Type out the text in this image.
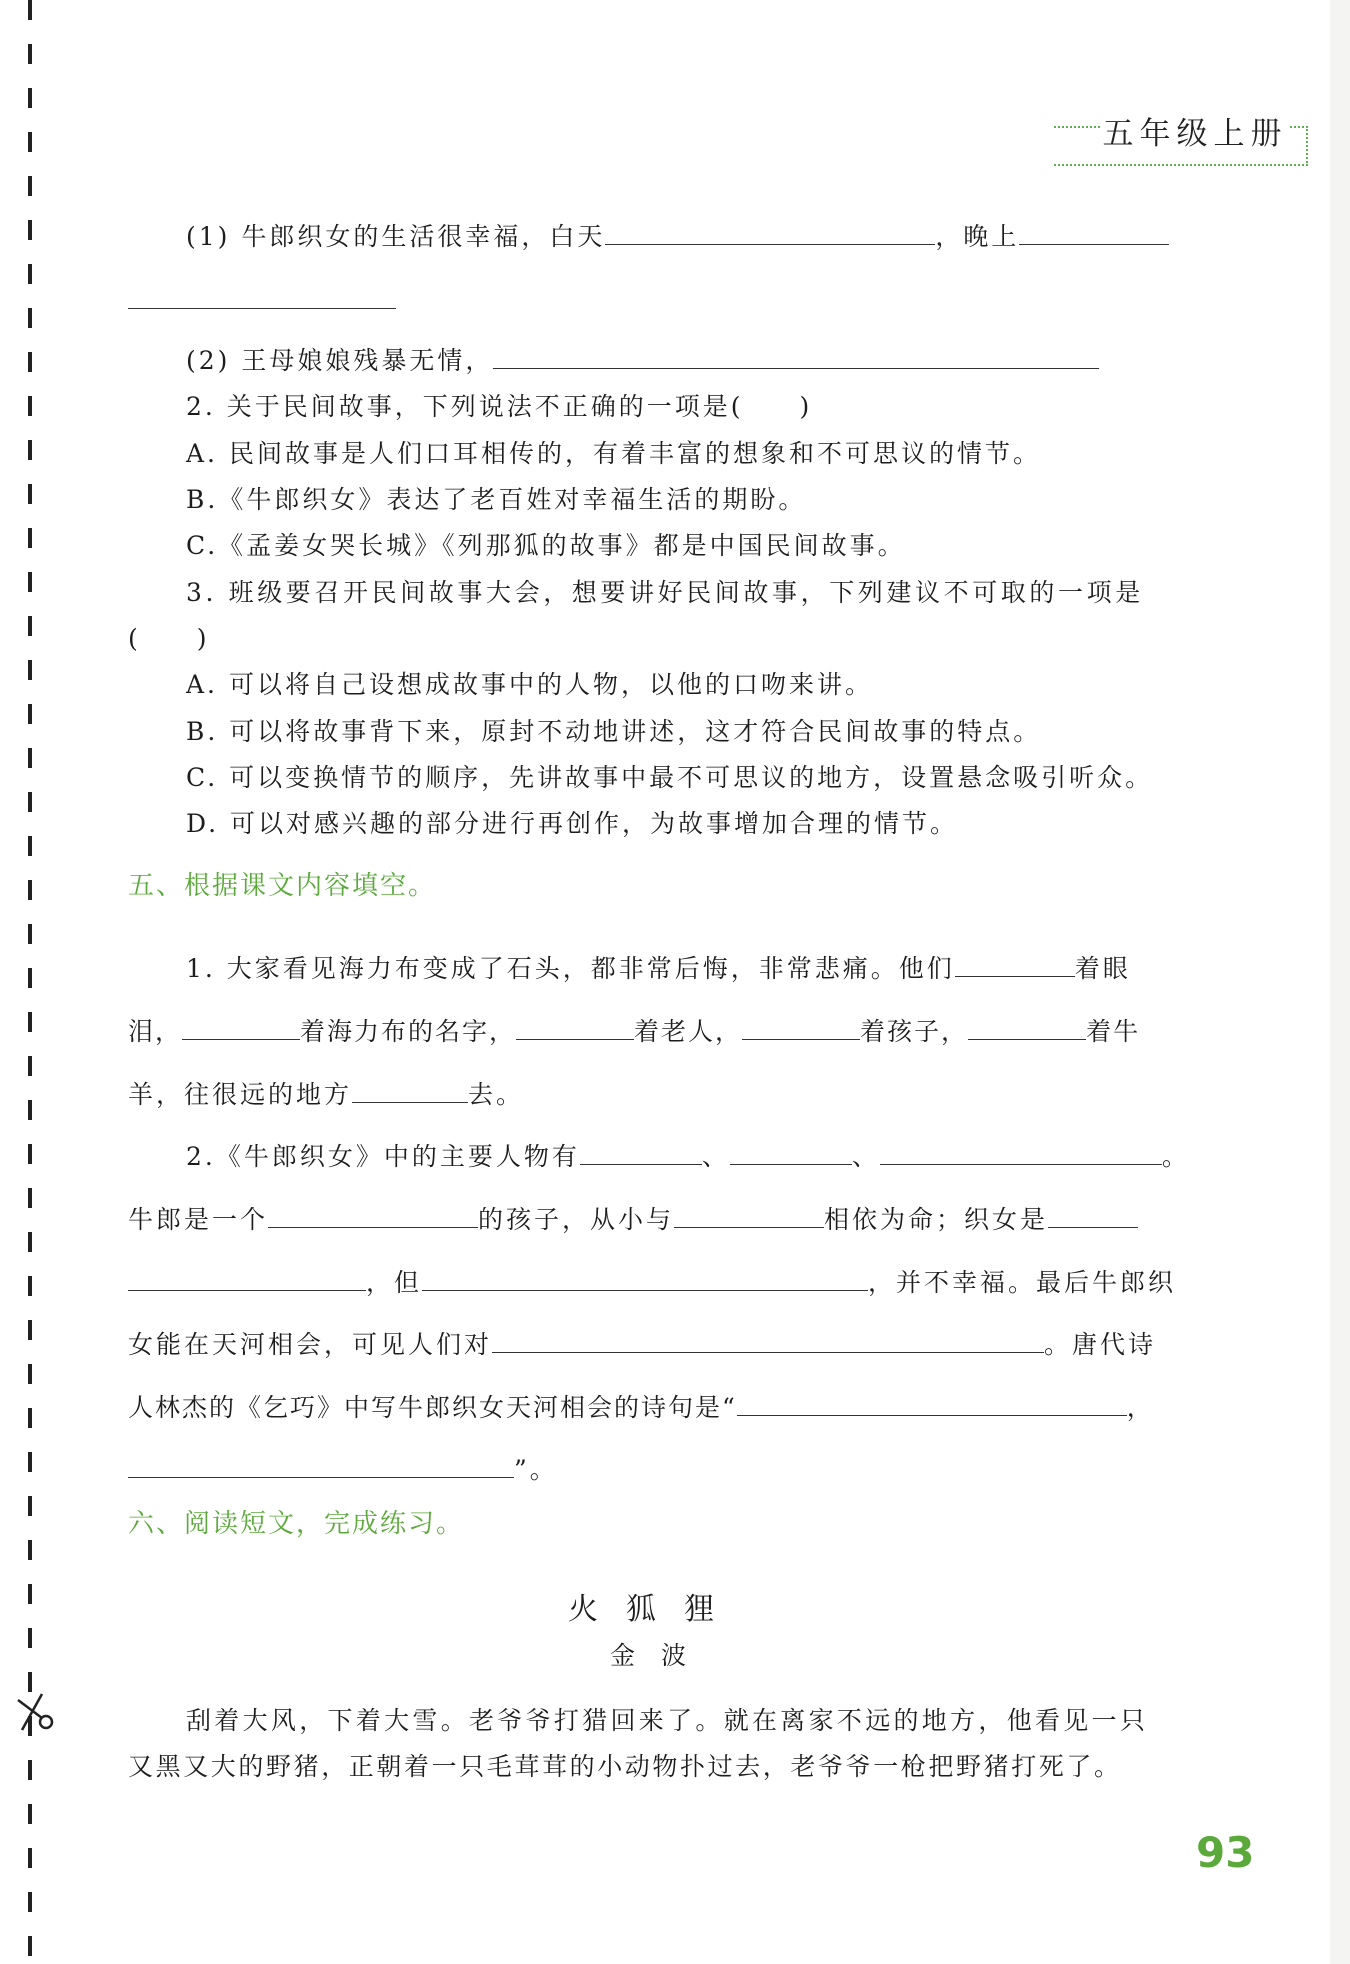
五年级上册
(1) 牛郎织女的生活很幸福，白天	，晚上
(2) 王母娘娘残暴无情，
2. 关于民间故事，下列说法不正确的一项是(　　)
A. 民间故事是人们口耳相传的，有着丰富的想象和不可思议的情节。
B.《牛郎织女》表达了老百姓对幸福生活的期盼。
C.《孟姜女哭长城》《列那狐的故事》都是中国民间故事。
3. 班级要召开民间故事大会，想要讲好民间故事，下列建议不可取的一项是
(　　)
A. 可以将自己设想成故事中的人物，以他的口吻来讲。
B. 可以将故事背下来，原封不动地讲述，这才符合民间故事的特点。
C. 可以变换情节的顺序，先讲故事中最不可思议的地方，设置悬念吸引听众。
D. 可以对感兴趣的部分进行再创作，为故事增加合理的情节。
五、根据课文内容填空。
1. 大家看见海力布变成了石头，都非常后悔，非常悲痛。他们	着眼
泪，	着海力布的名字，	着老人，	着孩子，	着牛
羊，往很远的地方	去。
2.《牛郎织女》中的主要人物有	、	、	。
牛郎是一个	的孩子，从小与	相依为命；织女是
，但	，并不幸福。最后牛郎织
女能在天河相会，可见人们对	。唐代诗
人林杰的《乞巧》中写牛郎织女天河相会的诗句是“	，
”。
六、阅读短文，完成练习。
火狐狸
金波
刮着大风，下着大雪。老爷爷打猎回来了。就在离家不远的地方，他看见一只
又黑又大的野猪，正朝着一只毛茸茸的小动物扑过去，老爷爷一枪把野猪打死了。
93
